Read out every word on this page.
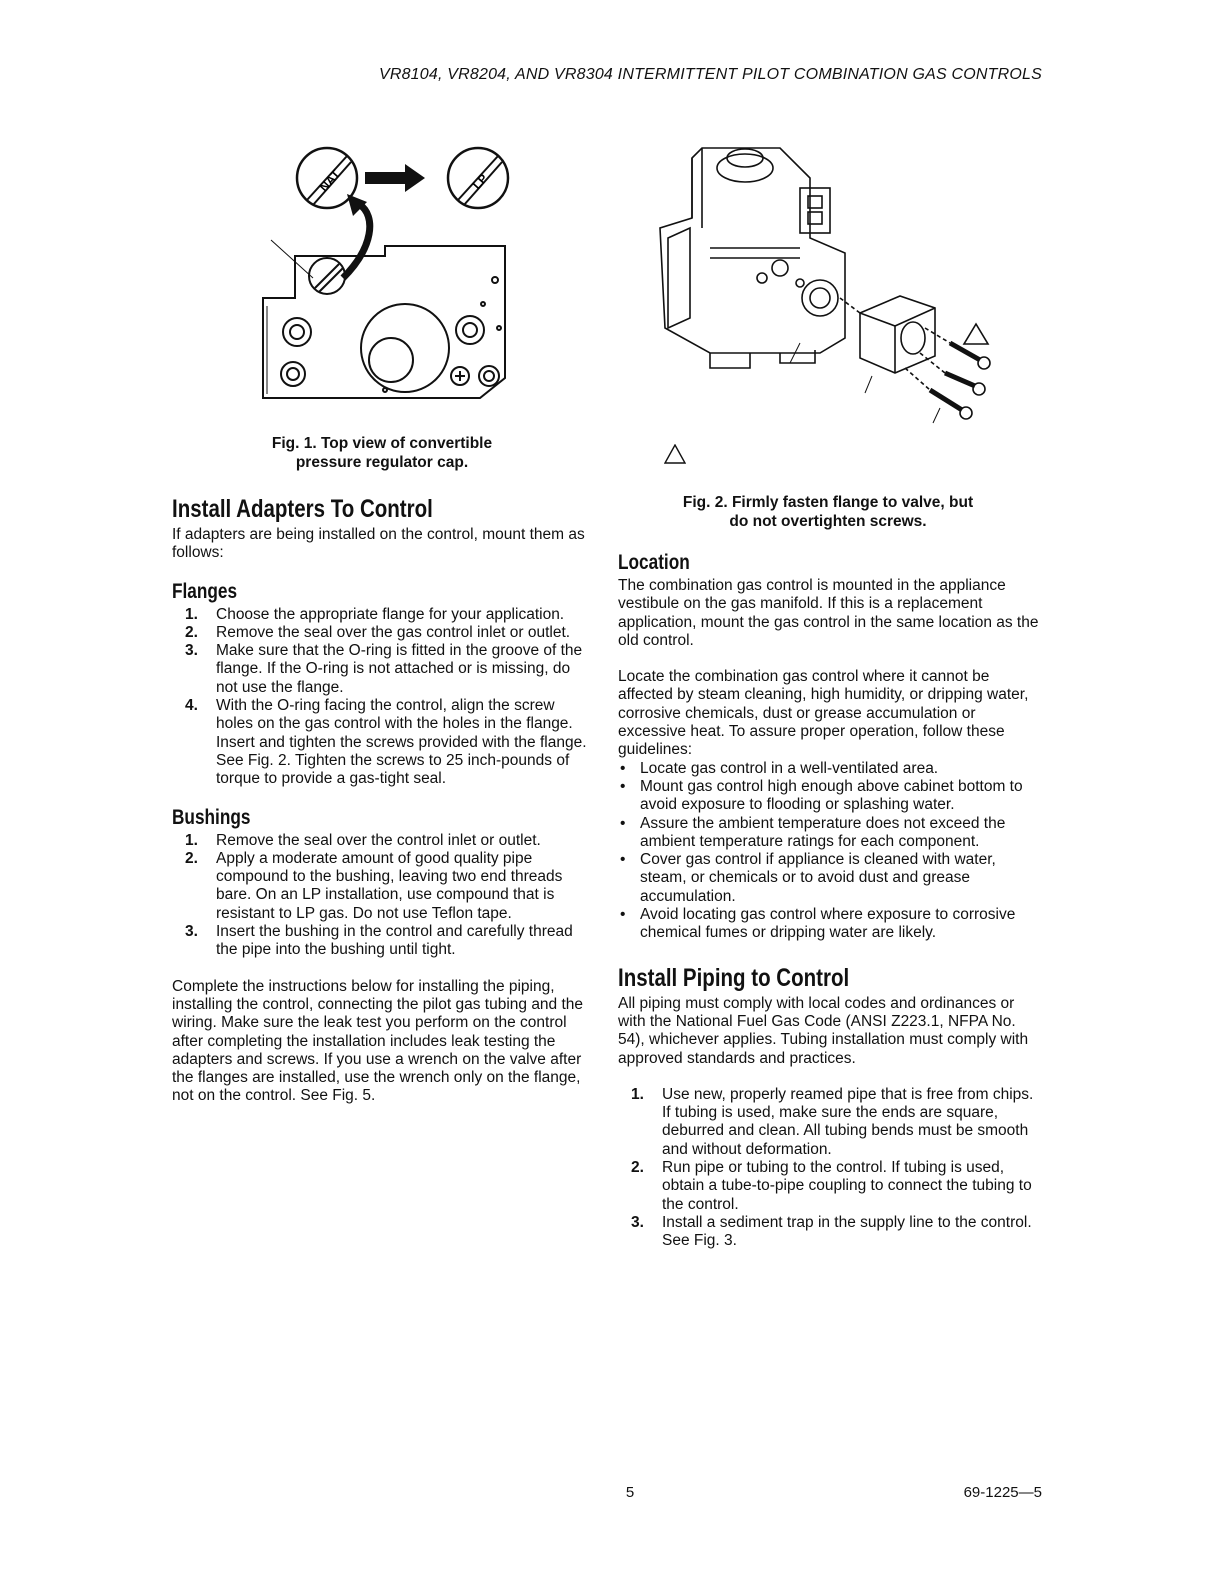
VR8104, VR8204, AND VR8304 INTERMITTENT PILOT COMBINATION GAS CONTROLS
NAT	LP
Fig. 1. Top view of convertible
pressure regulator cap.
Fig. 2. Firmly fasten flange to valve, but
do not overtighten screws.
Install Adapters To Control

If adapters are being installed on the control, mount them as follows:

Flanges
1. Choose the appropriate flange for your application.
2. Remove the seal over the gas control inlet or outlet.
3. Make sure that the O-ring is fitted in the groove of the flange. If the O-ring is not attached or is missing, do not use the flange.
4. With the O-ring facing the control, align the screw holes on the gas control with the holes in the flange. Insert and tighten the screws provided with the flange. See Fig. 2. Tighten the screws to 25 inch-pounds of torque to provide a gas-tight seal.
Bushings
1. Remove the seal over the control inlet or outlet.
2. Apply a moderate amount of good quality pipe compound to the bushing, leaving two end threads bare. On an LP installation, use compound that is resistant to LP gas. Do not use Teflon tape.
3. Insert the bushing in the control and carefully thread the pipe into the bushing until tight.

Complete the instructions below for installing the piping, installing the control, connecting the pilot gas tubing and the wiring. Make sure the leak test you perform on the control after completing the installation includes leak testing the adapters and screws. If you use a wrench on the valve after the flanges are installed, use the wrench only on the flange, not on the control. See Fig. 5.

Location

The combination gas control is mounted in the appliance vestibule on the gas manifold. If this is a replacement application, mount the gas control in the same location as the old control.

Locate the combination gas control where it cannot be affected by steam cleaning, high humidity, or dripping water, corrosive chemicals, dust or grease accumulation or excessive heat. To assure proper operation, follow these guidelines:

• Locate gas control in a well-ventilated area.
• Mount gas control high enough above cabinet bottom to avoid exposure to flooding or splashing water.
• Assure the ambient temperature does not exceed the ambient temperature ratings for each component.
• Cover gas control if appliance is cleaned with water, steam, or chemicals or to avoid dust and grease accumulation.
• Avoid locating gas control where exposure to corrosive chemical fumes or dripping water are likely.
Install Piping to Control

All piping must comply with local codes and ordinances or with the National Fuel Gas Code (ANSI Z223.1, NFPA No. 54), whichever applies. Tubing installation must comply with approved standards and practices.

1. Use new, properly reamed pipe that is free from chips. If tubing is used, make sure the ends are square, deburred and clean. All tubing bends must be smooth and without deformation.
2. Run pipe or tubing to the control. If tubing is used, obtain a tube-to-pipe coupling to connect the tubing to the control.
3. Install a sediment trap in the supply line to the control. See Fig. 3.
5	69-1225—5
